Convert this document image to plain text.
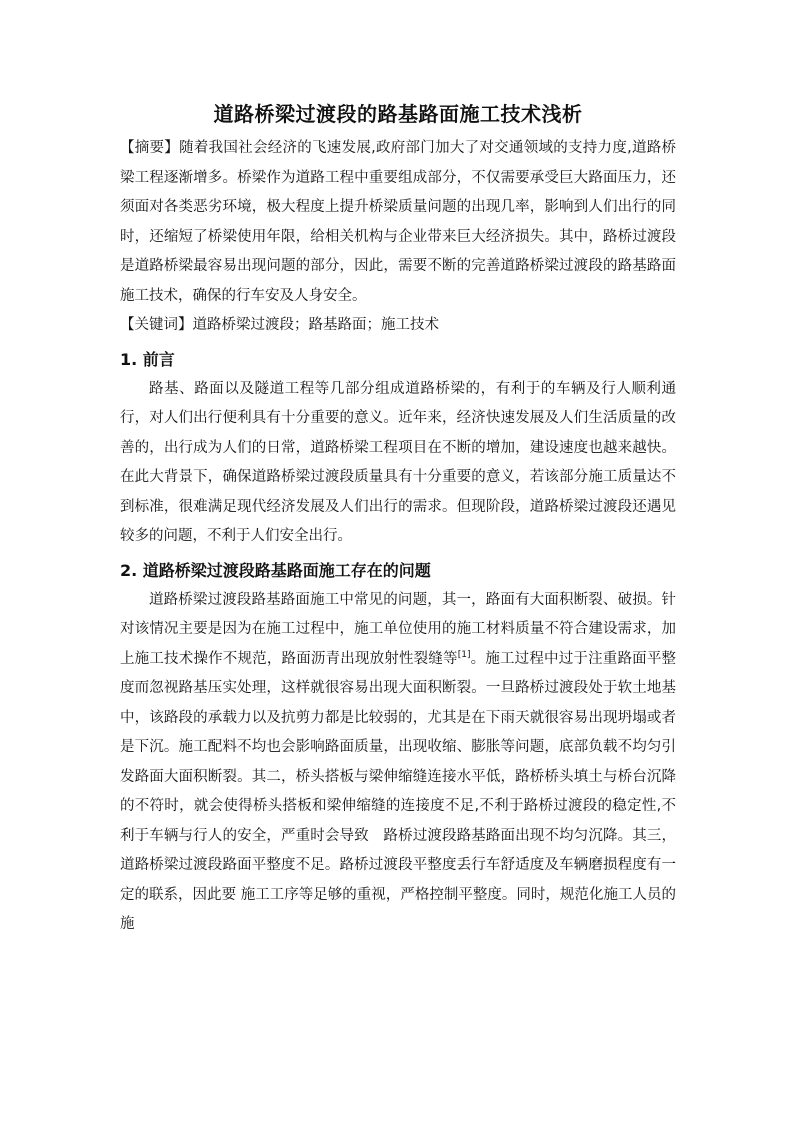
道路桥梁过渡段的路基路面施工技术浅析

【摘要】随着我国社会经济的飞速发展,政府部门加大了对交通领域的支持力度,道路桥梁工程逐渐增多。桥梁作为道路工程中重要组成部分，不仅需要承受巨大路面压力，还须面对各类恶劣环境，极大程度上提升桥梁质量问题的出现几率，影响到人们出行的同时，还缩短了桥梁使用年限，给相关机构与企业带来巨大经济损失。其中，路桥过渡段是道路桥梁最容易出现问题的部分，因此，需要不断的完善道路桥梁过渡段的路基路面施工技术，确保的行车安及人身安全。

【关键词】道路桥梁过渡段；路基路面；施工技术

1. 前言

路基、路面以及隧道工程等几部分组成道路桥梁的，有利于的车辆及行人顺利通行，对人们出行便利具有十分重要的意义。近年来，经济快速发展及人们生活质量的改善的，出行成为人们的日常，道路桥梁工程项目在不断的增加，建设速度也越来越快。在此大背景下，确保道路桥梁过渡段质量具有十分重要的意义，若该部分施工质量达不到标准，很难满足现代经济发展及人们出行的需求。但现阶段，道路桥梁过渡段还遇见较多的问题，不利于人们安全出行。

2. 道路桥梁过渡段路基路面施工存在的问题

道路桥梁过渡段路基路面施工中常见的问题，其一，路面有大面积断裂、破损。针对该情况主要是因为在施工过程中，施工单位使用的施工材料质量不符合建设需求，加上施工技术操作不规范，路面沥青出现放射性裂缝等[1]。施工过程中过于注重路面平整度而忽视路基压实处理，这样就很容易出现大面积断裂。一旦路桥过渡段处于软土地基中，该路段的承载力以及抗剪力都是比较弱的，尤其是在下雨天就很容易出现坍塌或者是下沉。施工配料不均也会影响路面质量，出现收缩、膨胀等问题，底部负载不均匀引发路面大面积断裂。其二，桥头搭板与梁伸缩缝连接水平低，路桥桥头填土与桥台沉降的不符时，就会使得桥头搭板和梁伸缩缝的连接度不足,不利于路桥过渡段的稳定性,不利于车辆与行人的安全，严重时会导致　路桥过渡段路基路面出现不均匀沉降。其三，道路桥梁过渡段路面平整度不足。路桥过渡段平整度丢行车舒适度及车辆磨损程度有一定的联系，因此要 施工工序等足够的重视，严格控制平整度。同时，规范化施工人员的施
